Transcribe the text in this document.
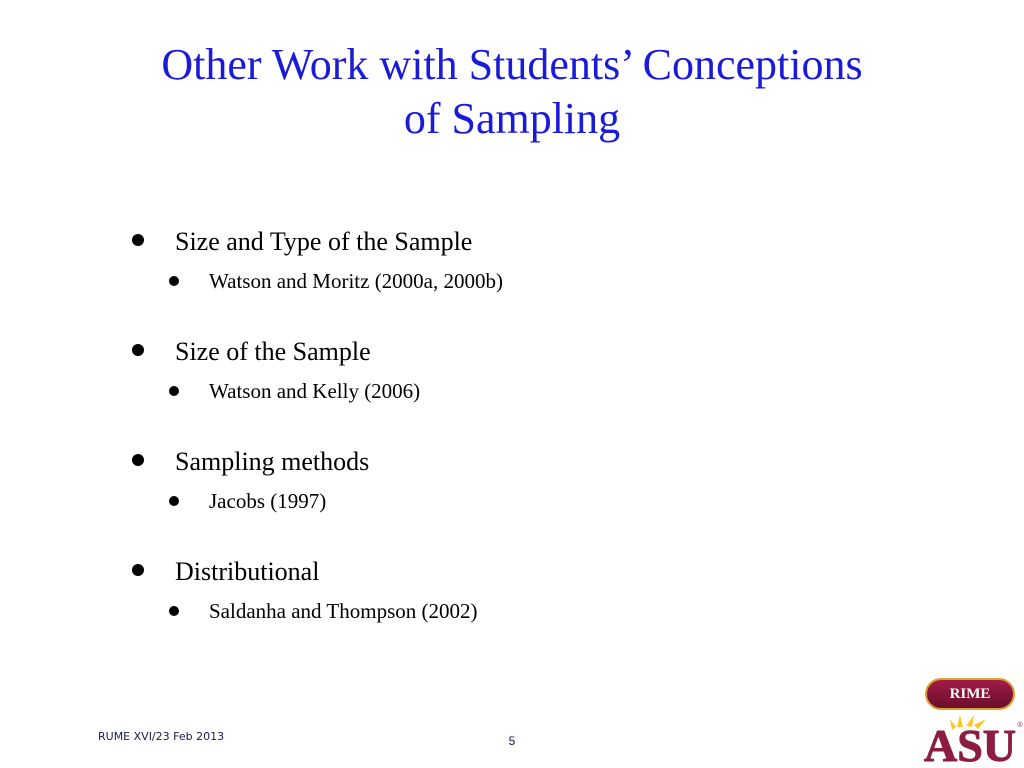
Other Work with Students’ Conceptions
of Sampling
Size and Type of the Sample
Watson and Moritz (2000a, 2000b)
Size of the Sample
Watson and Kelly (2006)
Sampling methods
Jacobs (1997)
Distributional
Saldanha and Thompson (2002)
RUME XVI/23 Feb 2013	5
RIME
ASU ®
